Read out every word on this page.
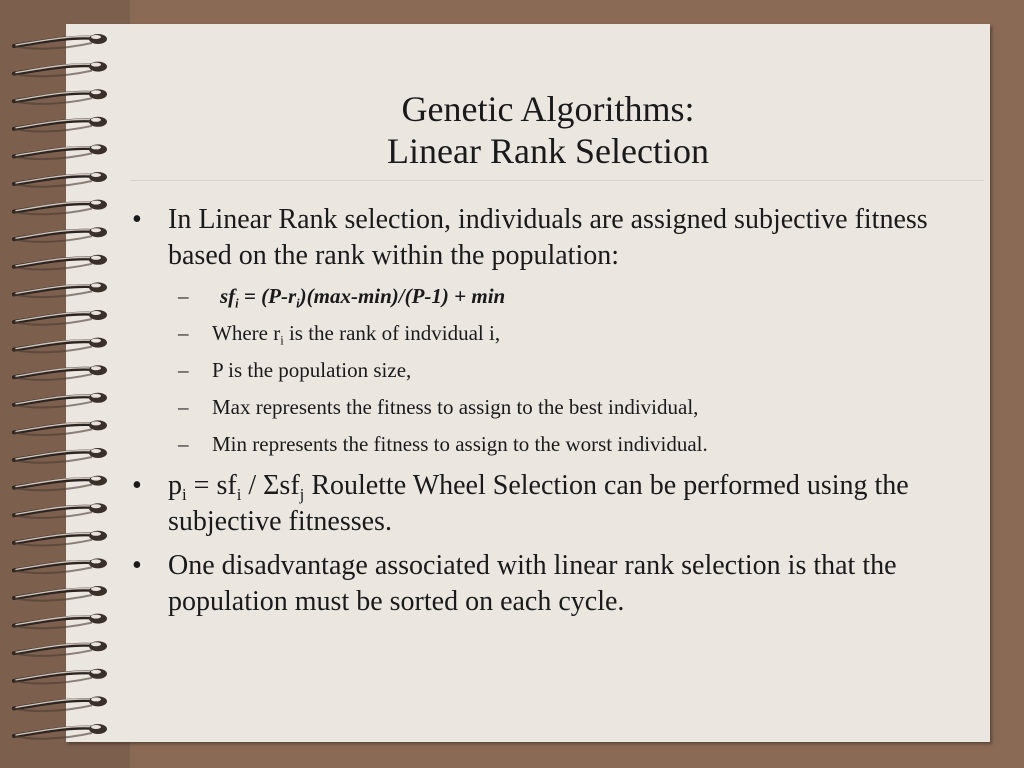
Genetic Algorithms:
Linear Rank Selection
• In Linear Rank selection, individuals are assigned subjective fitness based on the rank within the population:
– $sf_i = (P-r_i)(\max-\min)/(P-1) + \min$
– Where $r_i$ is the rank of indvidual i,
– P is the population size,
– Max represents the fitness to assign to the best individual,
– Min represents the fitness to assign to the worst individual.
• $p_i = sf_i / \Sigma sf_j$ Roulette Wheel Selection can be performed using the subjective fitnesses.
• One disadvantage associated with linear rank selection is that the population must be sorted on each cycle.
